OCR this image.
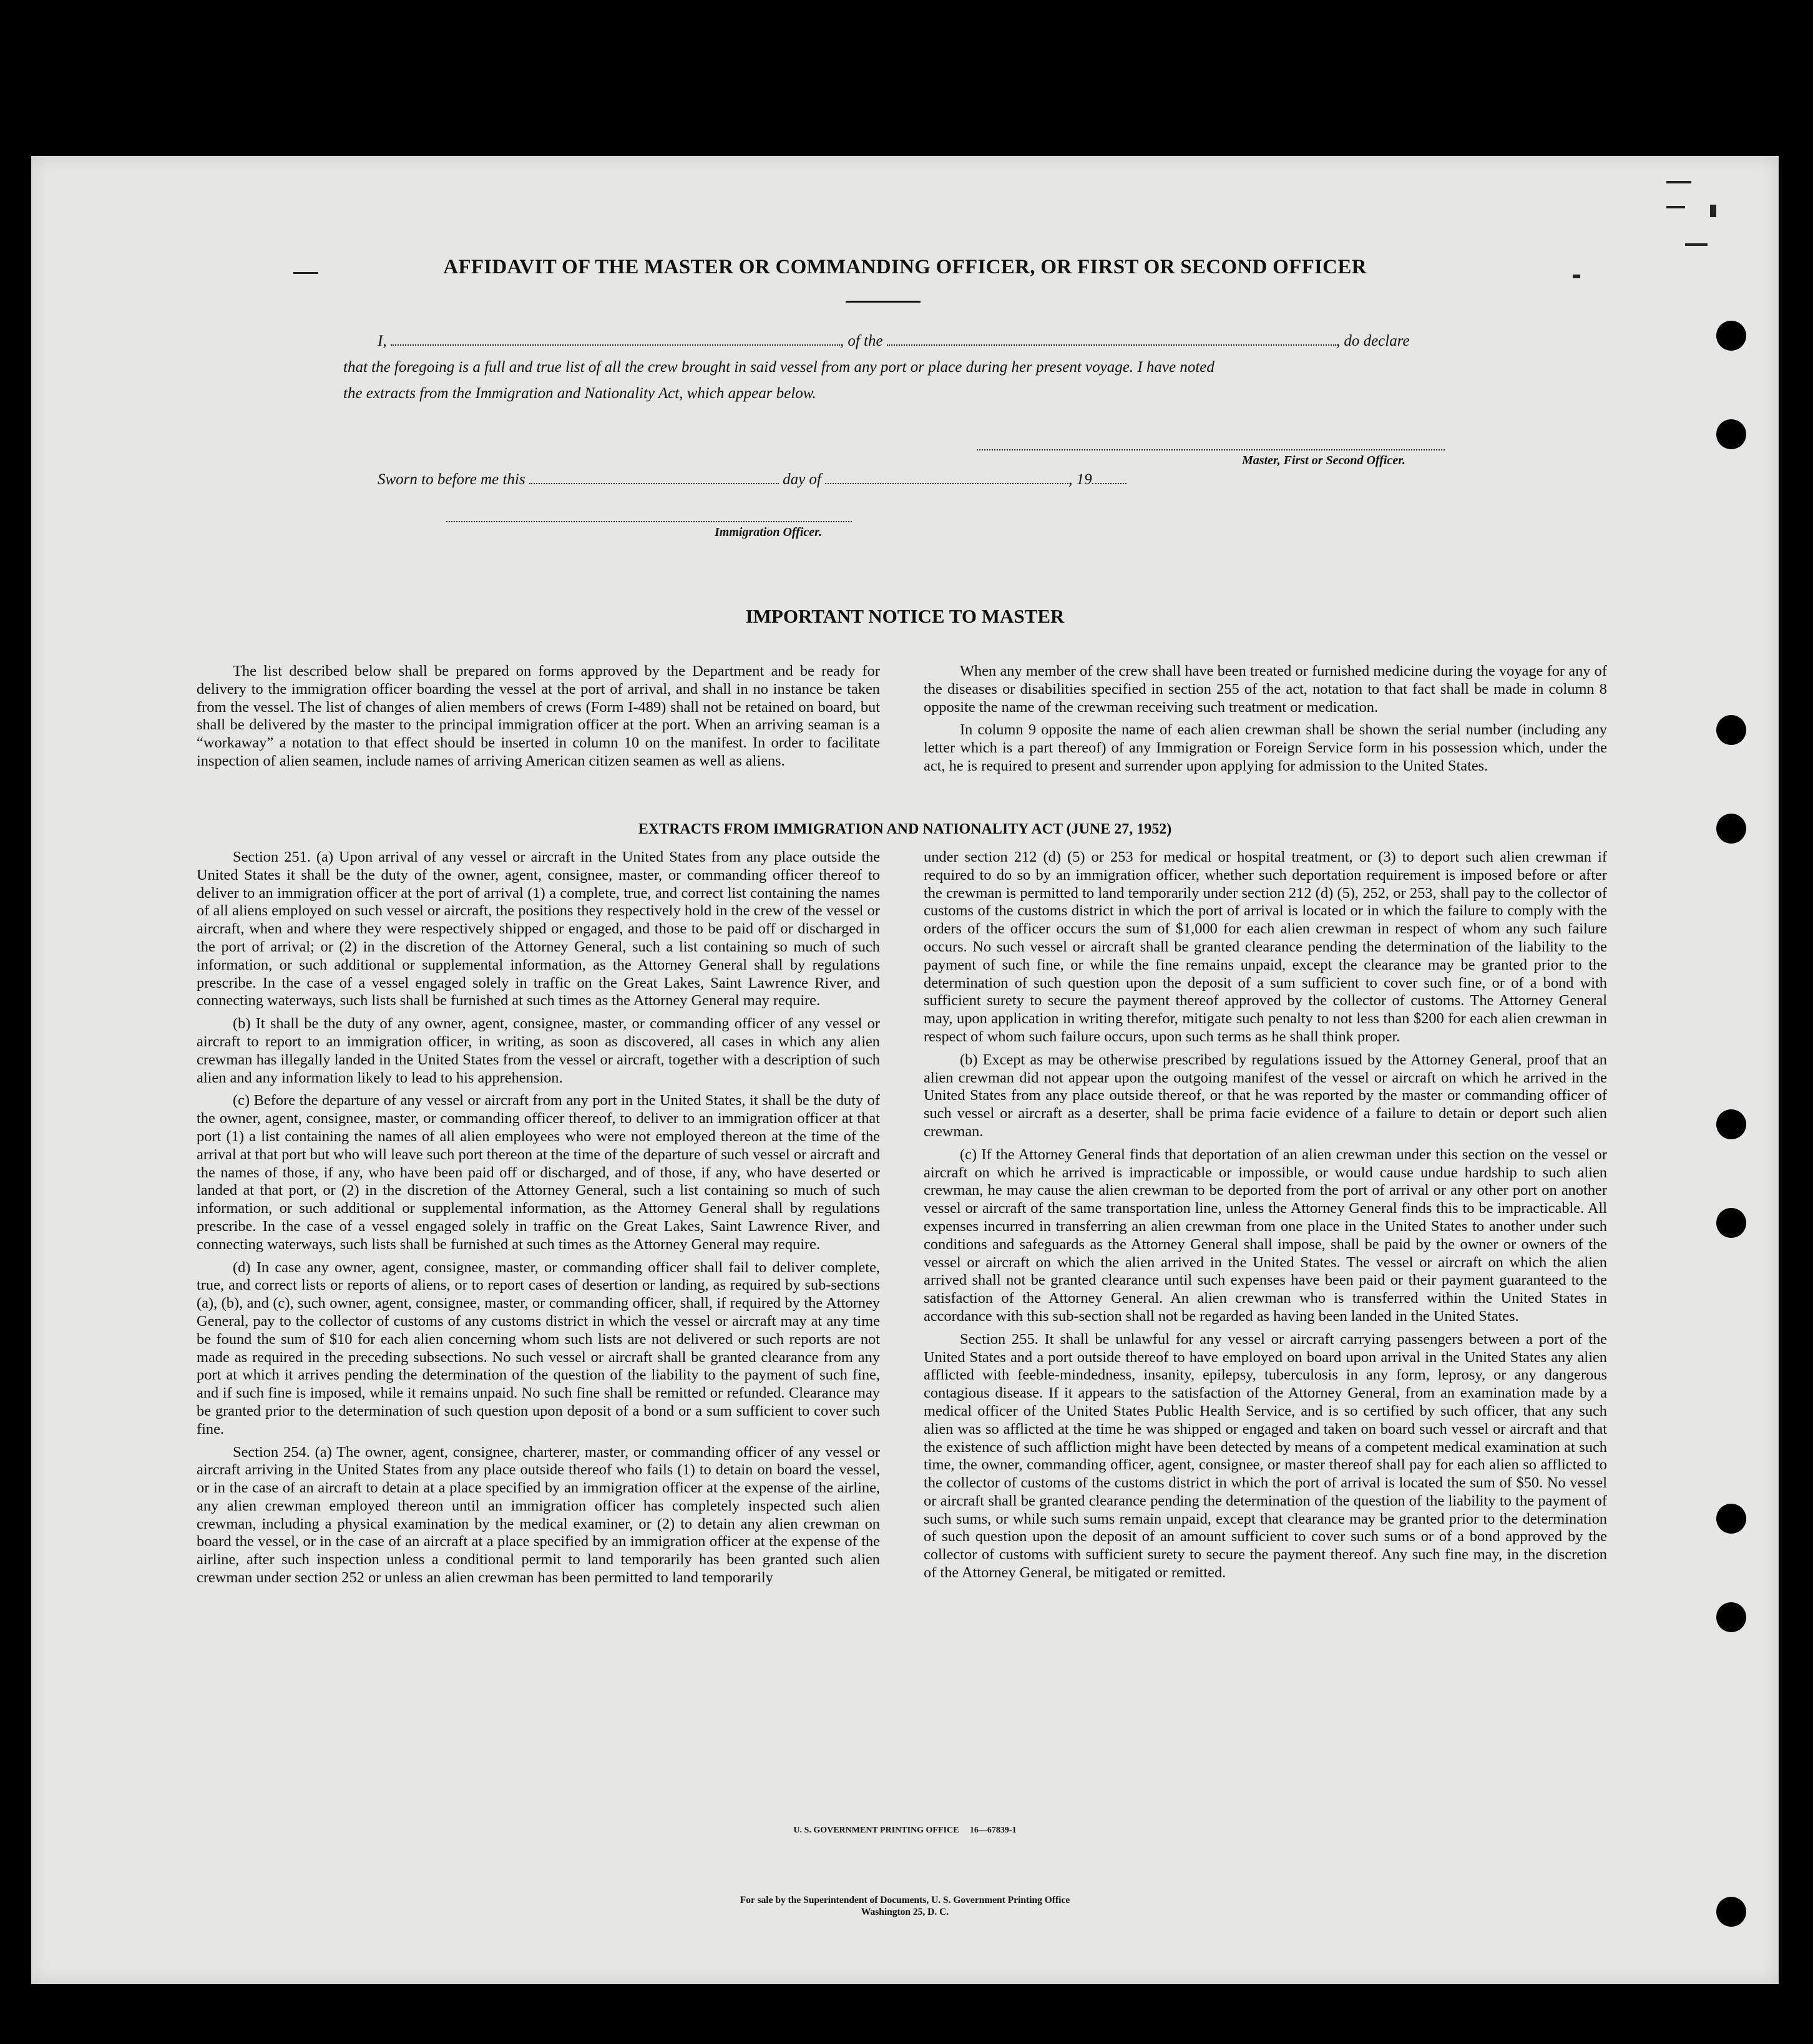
AFFIDAVIT OF THE MASTER OR COMMANDING OFFICER, OR FIRST OR SECOND OFFICER
I,	, of the	, do declare
that the foregoing is a full and true list of all the crew brought in said vessel from any port or place during her present voyage. I have noted
the extracts from the Immigration and Nationality Act, which appear below.
Master, First or Second Officer.
Sworn to before me this	day of	, 19
Immigration Officer.
IMPORTANT NOTICE TO MASTER

The list described below shall be prepared on forms approved by the Department and be ready for delivery to the immigration officer boarding the vessel at the port of arrival, and shall in no instance be taken from the vessel. The list of changes of alien members of crews (Form I-489) shall not be retained on board, but shall be delivered by the master to the principal immigration officer at the port. When an arriving seaman is a “workaway” a notation to that effect should be inserted in column 10 on the manifest. In order to facilitate inspection of alien seamen, include names of arriving American citizen seamen as well as aliens.

When any member of the crew shall have been treated or furnished medicine during the voyage for any of the diseases or disabilities specified in section 255 of the act, notation to that fact shall be made in column 8 opposite the name of the crewman receiving such treatment or medication.

In column 9 opposite the name of each alien crewman shall be shown the serial number (including any letter which is a part thereof) of any Immigration or Foreign Service form in his possession which, under the act, he is required to present and surrender upon applying for admission to the United States.

EXTRACTS FROM IMMIGRATION AND NATIONALITY ACT (JUNE 27, 1952)

Section 251. (a) Upon arrival of any vessel or aircraft in the United States from any place outside the United States it shall be the duty of the owner, agent, consignee, master, or commanding officer thereof to deliver to an immigration officer at the port of arrival (1) a complete, true, and correct list containing the names of all aliens employed on such vessel or aircraft, the positions they respectively hold in the crew of the vessel or aircraft, when and where they were respectively shipped or engaged, and those to be paid off or discharged in the port of arrival; or (2) in the discretion of the Attorney General, such a list containing so much of such information, or such additional or supplemental information, as the Attorney General shall by regulations prescribe. In the case of a vessel engaged solely in traffic on the Great Lakes, Saint Lawrence River, and connecting waterways, such lists shall be furnished at such times as the Attorney General may require.

(b) It shall be the duty of any owner, agent, consignee, master, or commanding officer of any vessel or aircraft to report to an immigration officer, in writing, as soon as discovered, all cases in which any alien crewman has illegally landed in the United States from the vessel or aircraft, together with a description of such alien and any information likely to lead to his apprehension.

(c) Before the departure of any vessel or aircraft from any port in the United States, it shall be the duty of the owner, agent, consignee, master, or commanding officer thereof, to deliver to an immigration officer at that port (1) a list containing the names of all alien employees who were not employed thereon at the time of the arrival at that port but who will leave such port thereon at the time of the departure of such vessel or aircraft and the names of those, if any, who have been paid off or discharged, and of those, if any, who have deserted or landed at that port, or (2) in the discretion of the Attorney General, such a list containing so much of such information, or such additional or supplemental information, as the Attorney General shall by regulations prescribe. In the case of a vessel engaged solely in traffic on the Great Lakes, Saint Lawrence River, and connecting waterways, such lists shall be furnished at such times as the Attorney General may require.

(d) In case any owner, agent, consignee, master, or commanding officer shall fail to deliver complete, true, and correct lists or reports of aliens, or to report cases of desertion or landing, as required by sub-sections (a), (b), and (c), such owner, agent, consignee, master, or commanding officer, shall, if required by the Attorney General, pay to the collector of customs of any customs district in which the vessel or aircraft may at any time be found the sum of $10 for each alien concerning whom such lists are not delivered or such reports are not made as required in the preceding subsections. No such vessel or aircraft shall be granted clearance from any port at which it arrives pending the determination of the question of the liability to the payment of such fine, and if such fine is imposed, while it remains unpaid. No such fine shall be remitted or refunded. Clearance may be granted prior to the determination of such question upon deposit of a bond or a sum sufficient to cover such fine.

Section 254. (a) The owner, agent, consignee, charterer, master, or commanding officer of any vessel or aircraft arriving in the United States from any place outside thereof who fails (1) to detain on board the vessel, or in the case of an aircraft to detain at a place specified by an immigration officer at the expense of the airline, any alien crewman employed thereon until an immigration officer has completely inspected such alien crewman, including a physical examination by the medical examiner, or (2) to detain any alien crewman on board the vessel, or in the case of an aircraft at a place specified by an immigration officer at the expense of the airline, after such inspection unless a conditional permit to land temporarily has been granted such alien crewman under section 252 or unless an alien crewman has been permitted to land temporarily

under section 212 (d) (5) or 253 for medical or hospital treatment, or (3) to deport such alien crewman if required to do so by an immigration officer, whether such deportation requirement is imposed before or after the crewman is permitted to land temporarily under section 212 (d) (5), 252, or 253, shall pay to the collector of customs of the customs district in which the port of arrival is located or in which the failure to comply with the orders of the officer occurs the sum of $1,000 for each alien crewman in respect of whom any such failure occurs. No such vessel or aircraft shall be granted clearance pending the determination of the liability to the payment of such fine, or while the fine remains unpaid, except the clearance may be granted prior to the determination of such question upon the deposit of a sum sufficient to cover such fine, or of a bond with sufficient surety to secure the payment thereof approved by the collector of customs. The Attorney General may, upon application in writing therefor, mitigate such penalty to not less than $200 for each alien crewman in respect of whom such failure occurs, upon such terms as he shall think proper.

(b) Except as may be otherwise prescribed by regulations issued by the Attorney General, proof that an alien crewman did not appear upon the outgoing manifest of the vessel or aircraft on which he arrived in the United States from any place outside thereof, or that he was reported by the master or commanding officer of such vessel or aircraft as a deserter, shall be prima facie evidence of a failure to detain or deport such alien crewman.

(c) If the Attorney General finds that deportation of an alien crewman under this section on the vessel or aircraft on which he arrived is impracticable or impossible, or would cause undue hardship to such alien crewman, he may cause the alien crewman to be deported from the port of arrival or any other port on another vessel or aircraft of the same transportation line, unless the Attorney General finds this to be impracticable. All expenses incurred in transferring an alien crewman from one place in the United States to another under such conditions and safeguards as the Attorney General shall impose, shall be paid by the owner or owners of the vessel or aircraft on which the alien arrived in the United States. The vessel or aircraft on which the alien arrived shall not be granted clearance until such expenses have been paid or their payment guaranteed to the satisfaction of the Attorney General. An alien crewman who is transferred within the United States in accordance with this sub-section shall not be regarded as having been landed in the United States.

Section 255. It shall be unlawful for any vessel or aircraft carrying passengers between a port of the United States and a port outside thereof to have employed on board upon arrival in the United States any alien afflicted with feeble-mindedness, insanity, epilepsy, tuberculosis in any form, leprosy, or any dangerous contagious disease. If it appears to the satisfaction of the Attorney General, from an examination made by a medical officer of the United States Public Health Service, and is so certified by such officer, that any such alien was so afflicted at the time he was shipped or engaged and taken on board such vessel or aircraft and that the existence of such affliction might have been detected by means of a competent medical examination at such time, the owner, commanding officer, agent, consignee, or master thereof shall pay for each alien so afflicted to the collector of customs of the customs district in which the port of arrival is located the sum of $50. No vessel or aircraft shall be granted clearance pending the determination of the question of the liability to the payment of such sums, or while such sums remain unpaid, except that clearance may be granted prior to the determination of such question upon the deposit of an amount sufficient to cover such sums or of a bond approved by the collector of customs with sufficient surety to secure the payment thereof. Any such fine may, in the discretion of the Attorney General, be mitigated or remitted.

U. S. GOVERNMENT PRINTING OFFICE     16—67839-1
For sale by the Superintendent of Documents, U. S. Government Printing Office
Washington 25, D. C.
